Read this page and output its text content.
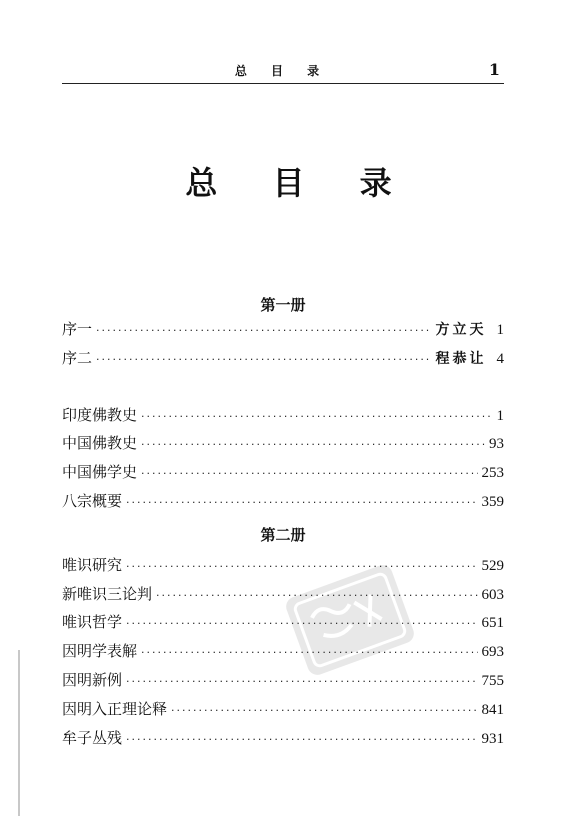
总 目 录	1
总 目 录
第一册
序一 ·····	方立天 1
序二 ·····	程恭让 4
印度佛教史 ·····	1
中国佛教史 ·····	93
中国佛学史 ·····	253
八宗概要 ·····	359
第二册
唯识研究 ·····	529
新唯识三论判 ·····	603
唯识哲学 ·····	651
因明学表解 ·····	693
因明新例 ·····	755
因明入正理论释 ·····	841
牟子丛残 ·····	931
